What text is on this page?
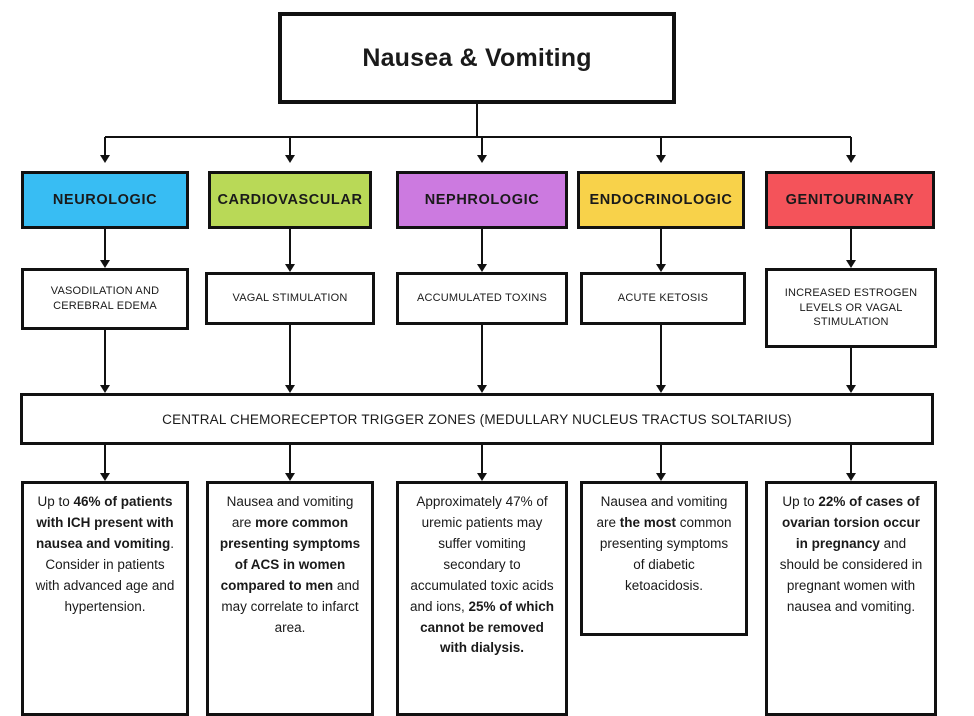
Nausea & Vomiting
NEUROLOGIC	CARDIOVASCULAR	NEPHROLOGIC	ENDOCRINOLOGIC	GENITOURINARY
VASODILATION AND CEREBRAL EDEMA
VAGAL STIMULATION	ACCUMULATED TOXINS	ACUTE KETOSIS	INCREASED ESTROGEN LEVELS OR VAGAL STIMULATION
CENTRAL CHEMORECEPTOR TRIGGER ZONES (MEDULLARY NUCLEUS TRACTUS SOLTARIUS)
Up to 46% of patients with ICH present with nausea and vomiting. Consider in patients with advanced age and hypertension.
Nausea and vomiting are more common presenting symptoms of ACS in women compared to men and may correlate to infarct area.
Approximately 47% of uremic patients may suffer vomiting secondary to accumulated toxic acids and ions, 25% of which cannot be removed with dialysis.
Nausea and vomiting are the most common presenting symptoms of diabetic ketoacidosis.
Up to 22% of cases of ovarian torsion occur in pregnancy and should be considered in pregnant women with nausea and vomiting.
